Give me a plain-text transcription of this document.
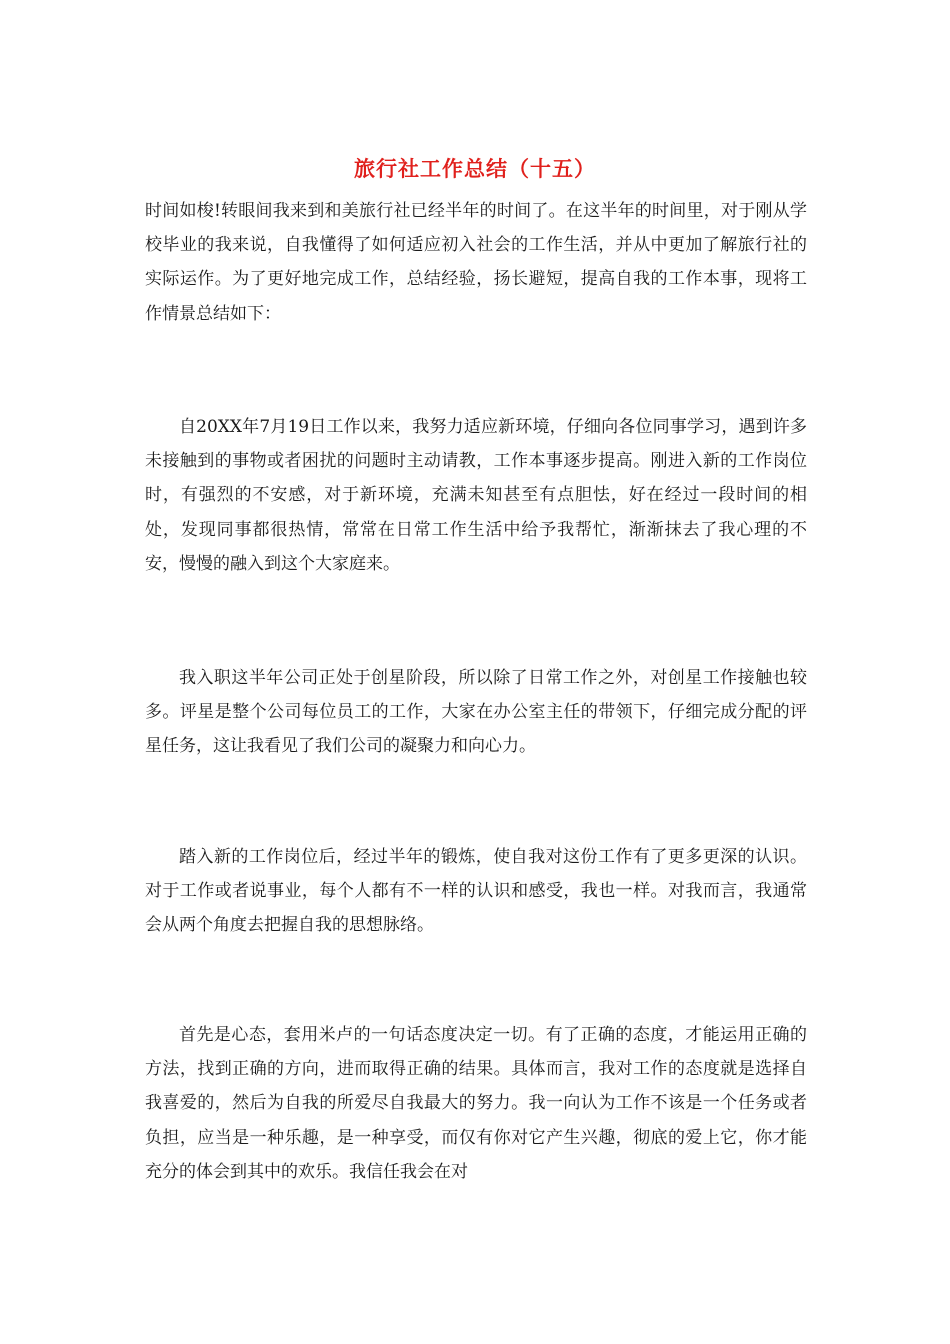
旅行社工作总结（十五）

时间如梭!转眼间我来到和美旅行社已经半年的时间了。在这半年的时间里，对于刚从学校毕业的我来说，自我懂得了如何适应初入社会的工作生活，并从中更加了解旅行社的实际运作。为了更好地完成工作，总结经验，扬长避短，提高自我的工作本事，现将工作情景总结如下：

自20XX年7月19日工作以来，我努力适应新环境，仔细向各位同事学习，遇到许多未接触到的事物或者困扰的问题时主动请教，工作本事逐步提高。刚进入新的工作岗位时，有强烈的不安感，对于新环境，充满未知甚至有点胆怯，好在经过一段时间的相处，发现同事都很热情，常常在日常工作生活中给予我帮忙，渐渐抹去了我心理的不安，慢慢的融入到这个大家庭来。

我入职这半年公司正处于创星阶段，所以除了日常工作之外，对创星工作接触也较多。评星是整个公司每位员工的工作，大家在办公室主任的带领下，仔细完成分配的评星任务，这让我看见了我们公司的凝聚力和向心力。

踏入新的工作岗位后，经过半年的锻炼，使自我对这份工作有了更多更深的认识。对于工作或者说事业，每个人都有不一样的认识和感受，我也一样。对我而言，我通常会从两个角度去把握自我的思想脉络。

首先是心态，套用米卢的一句话态度决定一切。有了正确的态度，才能运用正确的方法，找到正确的方向，进而取得正确的结果。具体而言，我对工作的态度就是选择自我喜爱的，然后为自我的所爱尽自我最大的努力。我一向认为工作不该是一个任务或者负担，应当是一种乐趣，是一种享受，而仅有你对它产生兴趣，彻底的爱上它，你才能充分的体会到其中的欢乐。我信任我会在对
